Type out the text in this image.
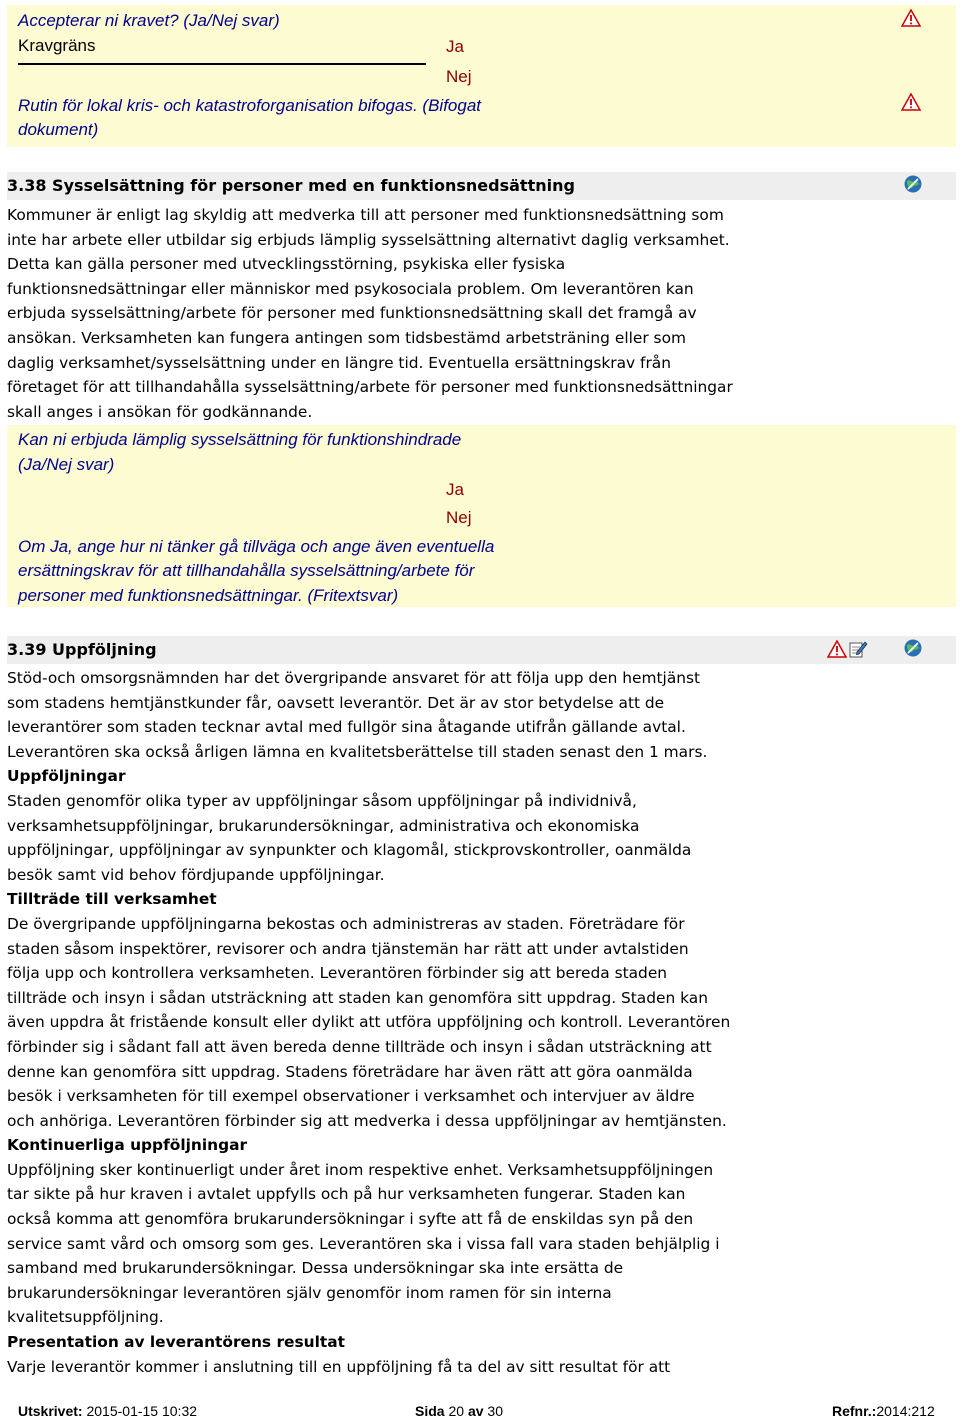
Accepterar ni kravet? (Ja/Nej svar)
Kravgräns	Ja
Nej
Rutin för lokal kris- och katastroforganisation bifogas. (Bifogat
dokument)
3.38 Sysselsättning för personer med en funktionsnedsättning
Kommuner är enligt lag skyldig att medverka till att personer med funktionsnedsättning som
inte har arbete eller utbildar sig erbjuds lämplig sysselsättning alternativt daglig verksamhet.
Detta kan gälla personer med utvecklingsstörning, psykiska eller fysiska
funktionsnedsättningar eller människor med psykosociala problem. Om leverantören kan
erbjuda sysselsättning/arbete för personer med funktionsnedsättning skall det framgå av
ansökan. Verksamheten kan fungera antingen som tidsbestämd arbetsträning eller som
daglig verksamhet/sysselsättning under en längre tid. Eventuella ersättningskrav från
företaget för att tillhandahålla sysselsättning/arbete för personer med funktionsnedsättningar
skall anges i ansökan för godkännande.
Kan ni erbjuda lämplig sysselsättning för funktionshindrade
(Ja/Nej svar)
Ja
Nej
Om Ja, ange hur ni tänker gå tillväga och ange även eventuella
ersättningskrav för att tillhandahålla sysselsättning/arbete för
personer med funktionsnedsättningar. (Fritextsvar)
3.39 Uppföljning
Stöd-och omsorgsnämnden har det övergripande ansvaret för att följa upp den hemtjänst
som stadens hemtjänstkunder får, oavsett leverantör. Det är av stor betydelse att de
leverantörer som staden tecknar avtal med fullgör sina åtagande utifrån gällande avtal.
Leverantören ska också årligen lämna en kvalitetsberättelse till staden senast den 1 mars.
Uppföljningar
Staden genomför olika typer av uppföljningar såsom uppföljningar på individnivå,
verksamhetsuppföljningar, brukarundersökningar, administrativa och ekonomiska
uppföljningar, uppföljningar av synpunkter och klagomål, stickprovskontroller, oanmälda
besök samt vid behov fördjupande uppföljningar.
Tillträde till verksamhet
De övergripande uppföljningarna bekostas och administreras av staden. Företrädare för
staden såsom inspektörer, revisorer och andra tjänstemän har rätt att under avtalstiden
följa upp och kontrollera verksamheten. Leverantören förbinder sig att bereda staden
tillträde och insyn i sådan utsträckning att staden kan genomföra sitt uppdrag. Staden kan
även uppdra åt fristående konsult eller dylikt att utföra uppföljning och kontroll. Leverantören
förbinder sig i sådant fall att även bereda denne tillträde och insyn i sådan utsträckning att
denne kan genomföra sitt uppdrag. Stadens företrädare har även rätt att göra oanmälda
besök i verksamheten för till exempel observationer i verksamhet och intervjuer av äldre
och anhöriga. Leverantören förbinder sig att medverka i dessa uppföljningar av hemtjänsten.
Kontinuerliga uppföljningar
Uppföljning sker kontinuerligt under året inom respektive enhet. Verksamhetsuppföljningen
tar sikte på hur kraven i avtalet uppfylls och på hur verksamheten fungerar. Staden kan
också komma att genomföra brukarundersökningar i syfte att få de enskildas syn på den
service samt vård och omsorg som ges. Leverantören ska i vissa fall vara staden behjälplig i
samband med brukarundersökningar. Dessa undersökningar ska inte ersätta de
brukarundersökningar leverantören själv genomför inom ramen för sin interna
kvalitetsuppföljning.
Presentation av leverantörens resultat
Varje leverantör kommer i anslutning till en uppföljning få ta del av sitt resultat för att
Utskrivet: 2015-01-15 10:32	Sida 20 av 30	Refnr.:2014:212
